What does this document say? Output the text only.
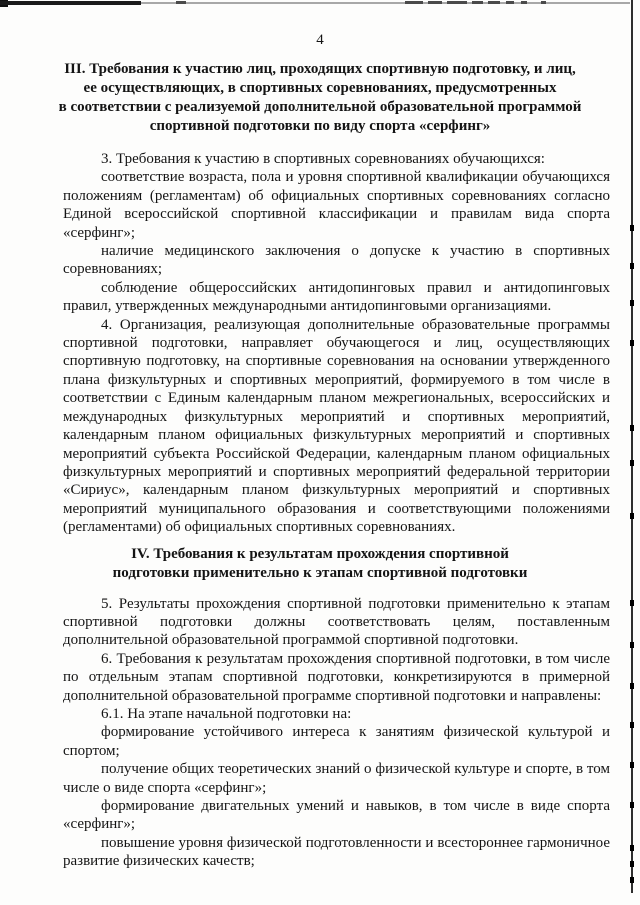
4
III. Требования к участию лиц, проходящих спортивную подготовку, и лиц,
ее осуществляющих, в спортивных соревнованиях, предусмотренных
в соответствии с реализуемой дополнительной образовательной программой
спортивной подготовки по виду спорта «серфинг»

3. Требования к участию в спортивных соревнованиях обучающихся:

соответствие возраста, пола и уровня спортивной квалификации обучающихся положениям (регламентам) об официальных спортивных соревнованиях согласно Единой всероссийской спортивной классификации и правилам вида спорта «серфинг»;

наличие медицинского заключения о допуске к участию в спортивных соревнованиях;

соблюдение общероссийских антидопинговых правил и антидопинговых правил, утвержденных международными антидопинговыми организациями.

4. Организация, реализующая дополнительные образовательные программы спортивной подготовки, направляет обучающегося и лиц, осуществляющих спортивную подготовку, на спортивные соревнования на основании утвержденного плана физкультурных и спортивных мероприятий, формируемого в том числе в соответствии с Единым календарным планом межрегиональных, всероссийских и международных физкультурных мероприятий и спортивных мероприятий, календарным планом официальных физкультурных мероприятий и спортивных мероприятий субъекта Российской Федерации, календарным планом официальных физкультурных мероприятий и спортивных мероприятий федеральной территории «Сириус», календарным планом физкультурных мероприятий и спортивных мероприятий муниципального образования и соответствующими положениями (регламентами) об официальных спортивных соревнованиях.

IV. Требования к результатам прохождения спортивной
подготовки применительно к этапам спортивной подготовки

5. Результаты прохождения спортивной подготовки применительно к этапам спортивной подготовки должны соответствовать целям, поставленным дополнительной образовательной программой спортивной подготовки.

6. Требования к результатам прохождения спортивной подготовки, в том числе по отдельным этапам спортивной подготовки, конкретизируются в примерной дополнительной образовательной программе спортивной подготовки и направлены:

6.1. На этапе начальной подготовки на:

формирование устойчивого интереса к занятиям физической культурой и спортом;

получение общих теоретических знаний о физической культуре и спорте, в том числе о виде спорта «серфинг»;

формирование двигательных умений и навыков, в том числе в виде спорта «серфинг»;

повышение уровня физической подготовленности и всестороннее гармоничное развитие физических качеств;
